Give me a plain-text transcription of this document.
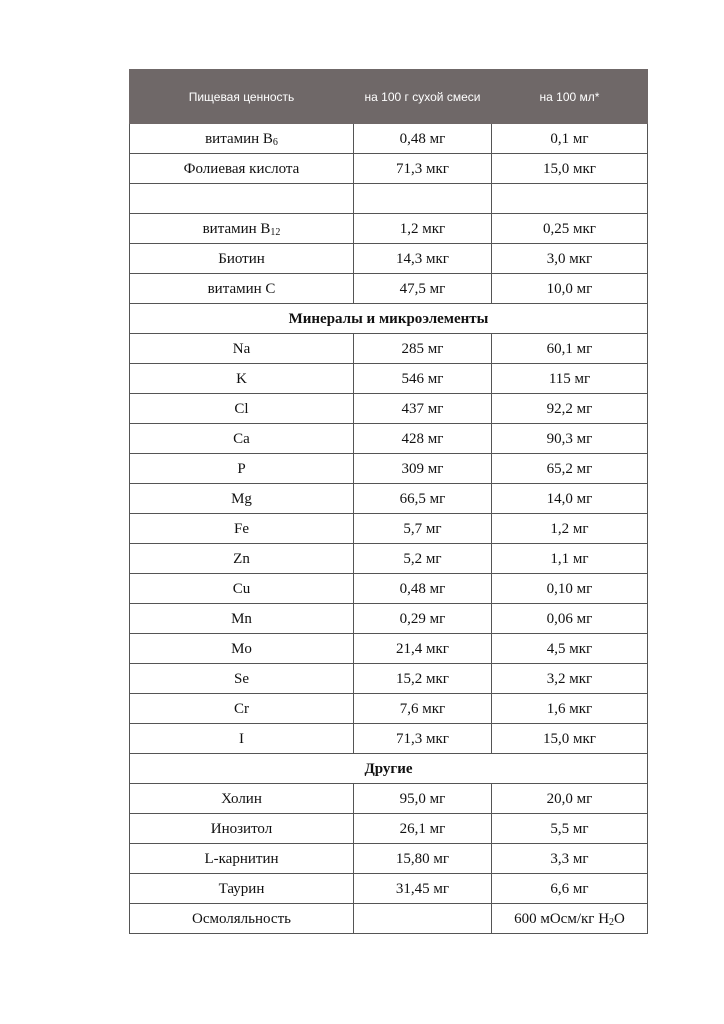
Пищевая ценность	на 100 г сухой смеси	на 100 мл*
витамин $B_6$	0,48 мг	0,1 мг
Фолиевая кислота	71,3 мкг	15,0 мкг

витамин $B_{12}$	1,2 мкг	0,25 мкг
Биотин	14,3 мкг	3,0 мкг
витамин С	47,5 мг	10,0 мг
Минералы и микроэлементы		
Na	285 мг	60,1 мг
K	546 мг	115 мг
Cl	437 мг	92,2 мг
Ca	428 мг	90,3 мг
P	309 мг	65,2 мг
Mg	66,5 мг	14,0 мг
Fe	5,7 мг	1,2 мг
Zn	5,2 мг	1,1 мг
Cu	0,48 мг	0,10 мг
Mn	0,29 мг	0,06 мг
Mo	21,4 мкг	4,5 мкг
Se	15,2 мкг	3,2 мкг
Cr	7,6 мкг	1,6 мкг
I	71,3 мкг	15,0 мкг
Другие		
Холин	95,0 мг	20,0 мг
Инозитол	26,1 мг	5,5 мг
L-карнитин	15,80 мг	3,3 мг
Таурин	31,45 мг	6,6 мг
Осмоляльность		600 мОсм/кг $H_2O$
